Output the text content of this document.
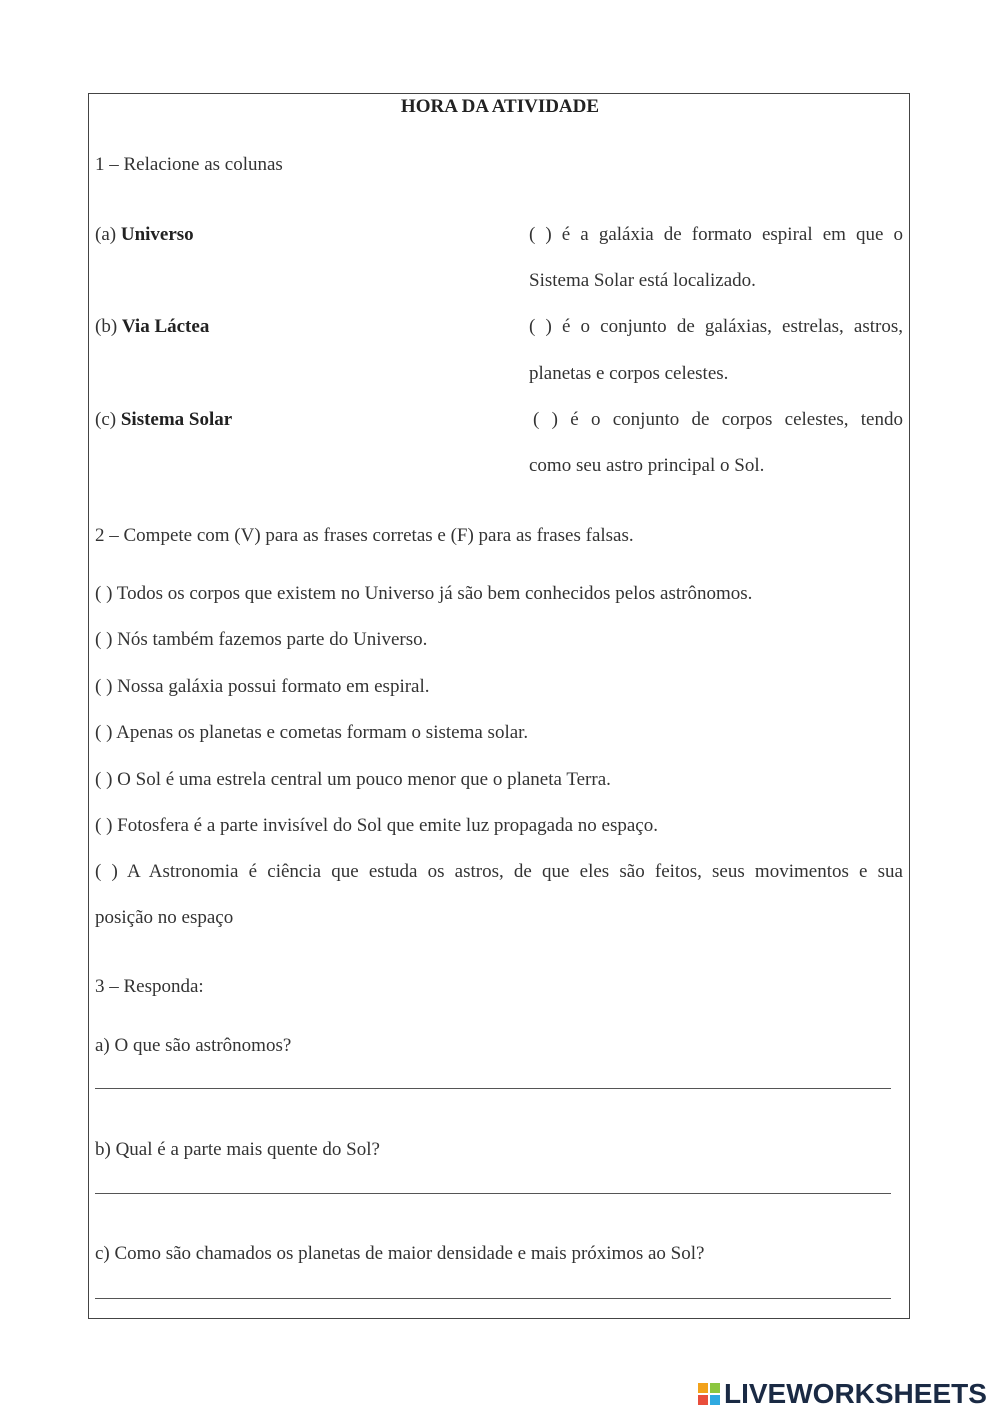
HORA DA ATIVIDADE
1 – Relacione as colunas
(a) Universo
(b) Via Láctea
(c) Sistema Solar
( ) é a galáxia de formato espiral em que o
Sistema Solar está localizado.
( ) é o conjunto de galáxias, estrelas, astros,
planetas e corpos celestes.
( ) é o conjunto de corpos celestes, tendo
como seu astro principal o Sol.
2 – Compete com (V) para as frases corretas e (F) para as frases falsas.
( ) Todos os corpos que existem no Universo já são bem conhecidos pelos astrônomos.
( ) Nós também fazemos parte do Universo.
( ) Nossa galáxia possui formato em espiral.
( ) Apenas os planetas e cometas formam o sistema solar.
( ) O Sol é uma estrela central um pouco menor que o planeta Terra.
( ) Fotosfera é a parte invisível do Sol que emite luz propagada no espaço.
( ) A Astronomia é ciência que estuda os astros, de que eles são feitos, seus movimentos e sua
posição no espaço
3 – Responda:
a) O que são astrônomos?
b) Qual é a parte mais quente do Sol?
c) Como são chamados os planetas de maior densidade e mais próximos ao Sol?
LIVEWORKSHEETS
